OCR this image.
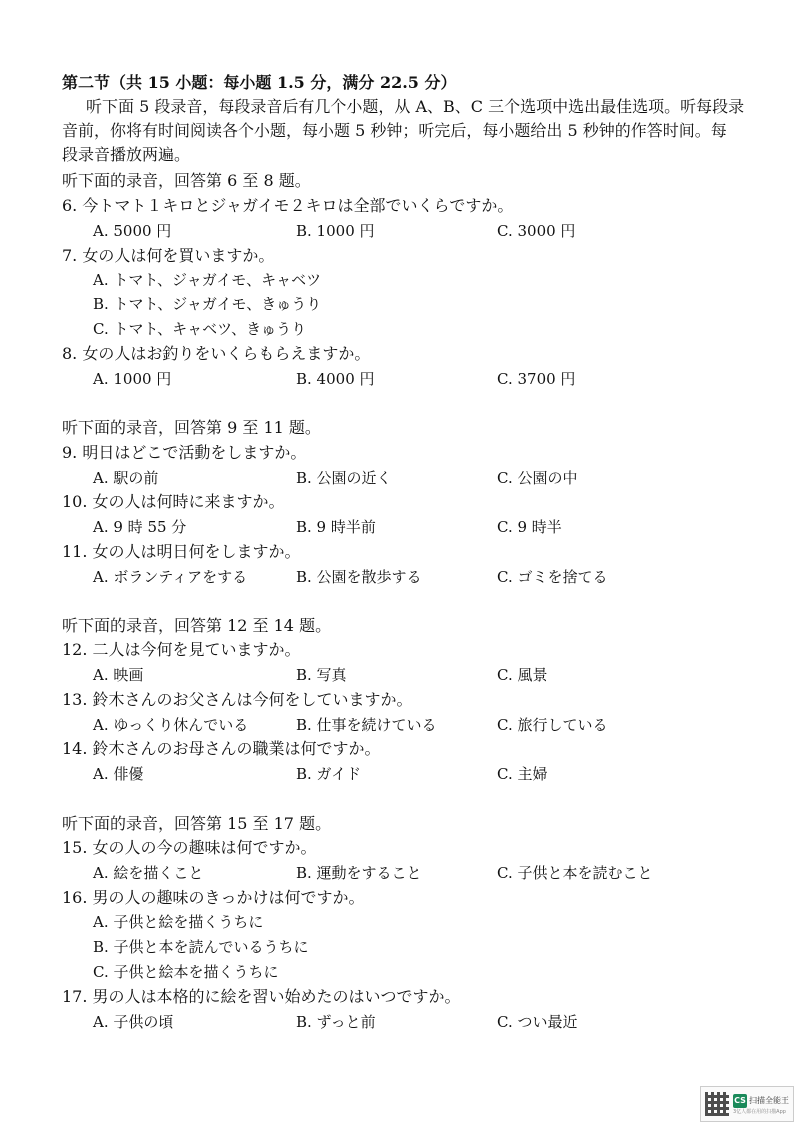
第二节（共 15 小题：每小题 1.5 分，满分 22.5 分）
听下面 5 段录音，每段录音后有几个小题，从 A、B、C 三个选项中选出最佳选项。听每段录
音前，你将有时间阅读各个小题，每小题 5 秒钟；听完后，每小题给出 5 秒钟的作答时间。每
段录音播放两遍。
听下面的录音，回答第 6 至 8 题。
6. 今トマト１キロとジャガイモ２キロは全部でいくらですか。
A. 5000 円	B. 1000 円	C. 3000 円
7. 女の人は何を買いますか。
A. トマト、ジャガイモ、キャベツ
B. トマト、ジャガイモ、きゅうり
C. トマト、キャベツ、きゅうり
8. 女の人はお釣りをいくらもらえますか。
A. 1000 円	B. 4000 円	C. 3700 円
听下面的录音，回答第 9 至 11 题。
9. 明日はどこで活動をしますか。
A. 駅の前	B. 公園の近く	C. 公園の中
10. 女の人は何時に来ますか。
A. 9 時 55 分	B. 9 時半前	C. 9 時半
11. 女の人は明日何をしますか。
A. ボランティアをする	B. 公園を散歩する	C. ゴミを捨てる
听下面的录音，回答第 12 至 14 题。
12. 二人は今何を見ていますか。
A. 映画	B. 写真	C. 風景
13. 鈴木さんのお父さんは今何をしていますか。
A. ゆっくり休んでいる	B. 仕事を続けている	C. 旅行している
14. 鈴木さんのお母さんの職業は何ですか。
A. 俳優	B. ガイド	C. 主婦
听下面的录音，回答第 15 至 17 题。
15. 女の人の今の趣味は何ですか。
A. 絵を描くこと	B. 運動をすること	C. 子供と本を読むこと
16. 男の人の趣味のきっかけは何ですか。
A. 子供と絵を描くうちに
B. 子供と本を読んでいるうちに
C. 子供と絵本を描くうちに
17. 男の人は本格的に絵を習い始めたのはいつですか。
A. 子供の頃	B. ずっと前	C. つい最近
CS 扫描全能王
3亿人都在用的扫描App
